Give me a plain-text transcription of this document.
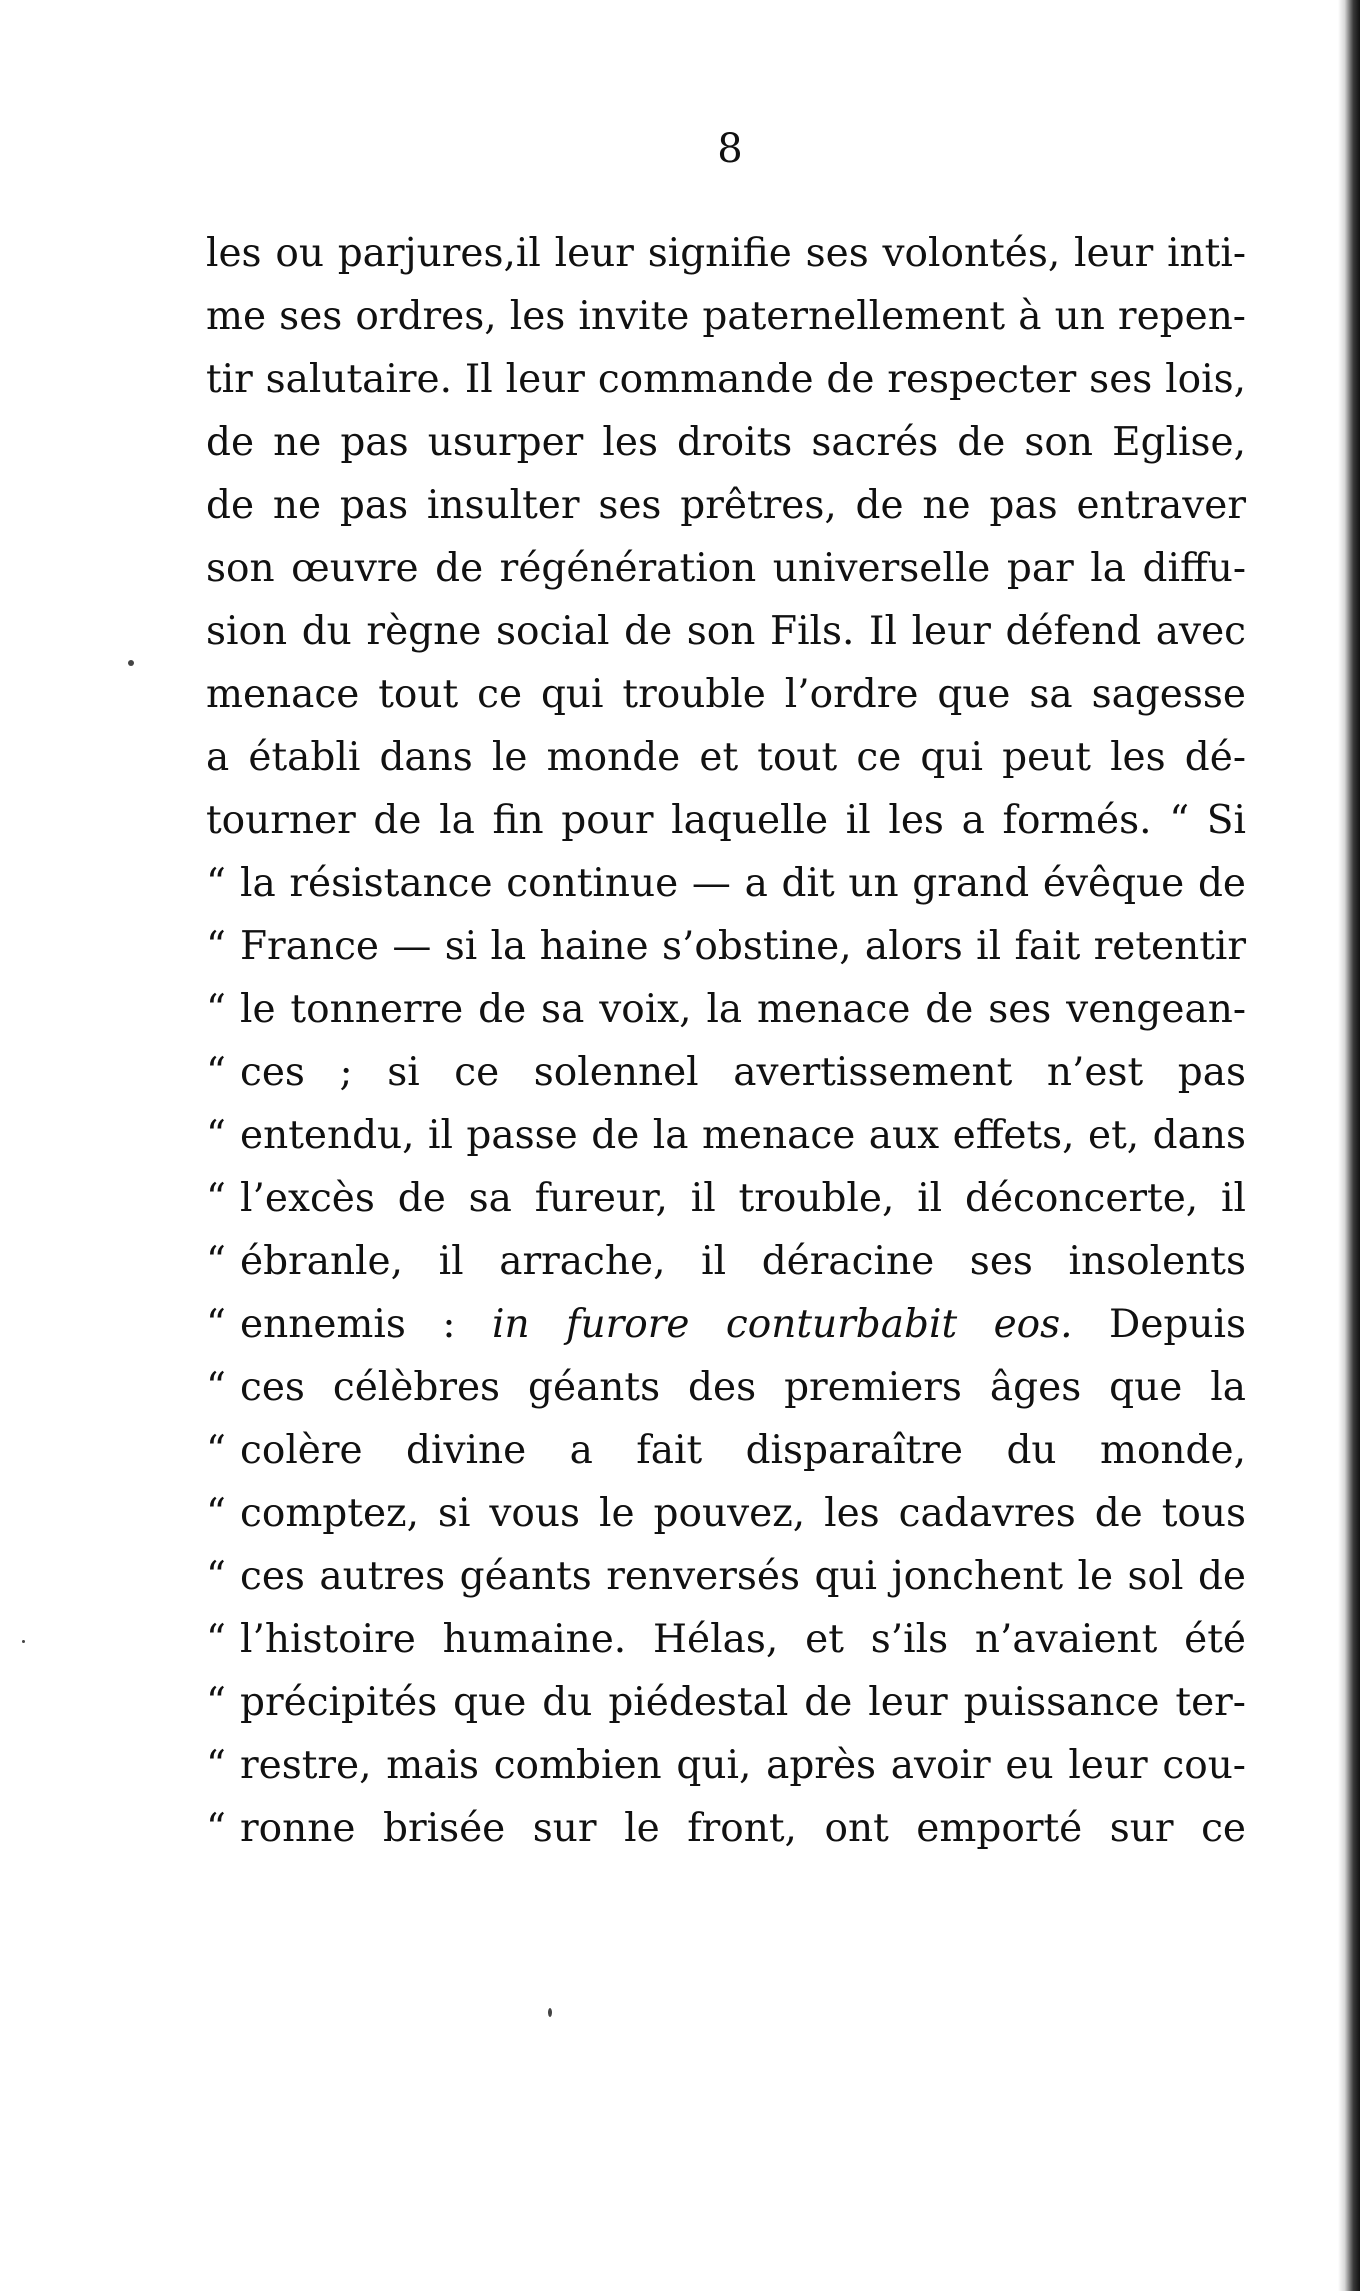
8
les ou parjures,il leur signifie ses volontés, leur inti-
me ses ordres, les invite paternellement à un repen-
tir salutaire. Il leur commande de respecter ses lois,
de ne pas usurper les droits sacrés de son Eglise,
de ne pas insulter ses prêtres, de ne pas entraver
son œuvre de régénération universelle par la diffu-
sion du règne social de son Fils. Il leur défend avec
menace tout ce qui trouble l’ordre que sa sagesse
a établi dans le monde et tout ce qui peut les dé-
tourner de la fin pour laquelle il les a formés. “ Si
“ la résistance continue — a dit un grand évêque de
“ France — si la haine s’obstine, alors il fait retentir
“ le tonnerre de sa voix, la menace de ses vengean-
“ ces ; si ce solennel avertissement n’est pas
“ entendu, il passe de la menace aux effets, et, dans
“ l’excès de sa fureur, il trouble, il déconcerte, il
“ ébranle, il arrache, il déracine ses insolents
“ ennemis : in furore conturbabit eos. Depuis
“ ces célèbres géants des premiers âges que la
“ colère divine a fait disparaître du monde,
“ comptez, si vous le pouvez, les cadavres de tous
“ ces autres géants renversés qui jonchent le sol de
“ l’histoire humaine. Hélas, et s’ils n’avaient été
“ précipités que du piédestal de leur puissance ter-
“ restre, mais combien qui, après avoir eu leur cou-
“ ronne brisée sur le front, ont emporté sur ce
